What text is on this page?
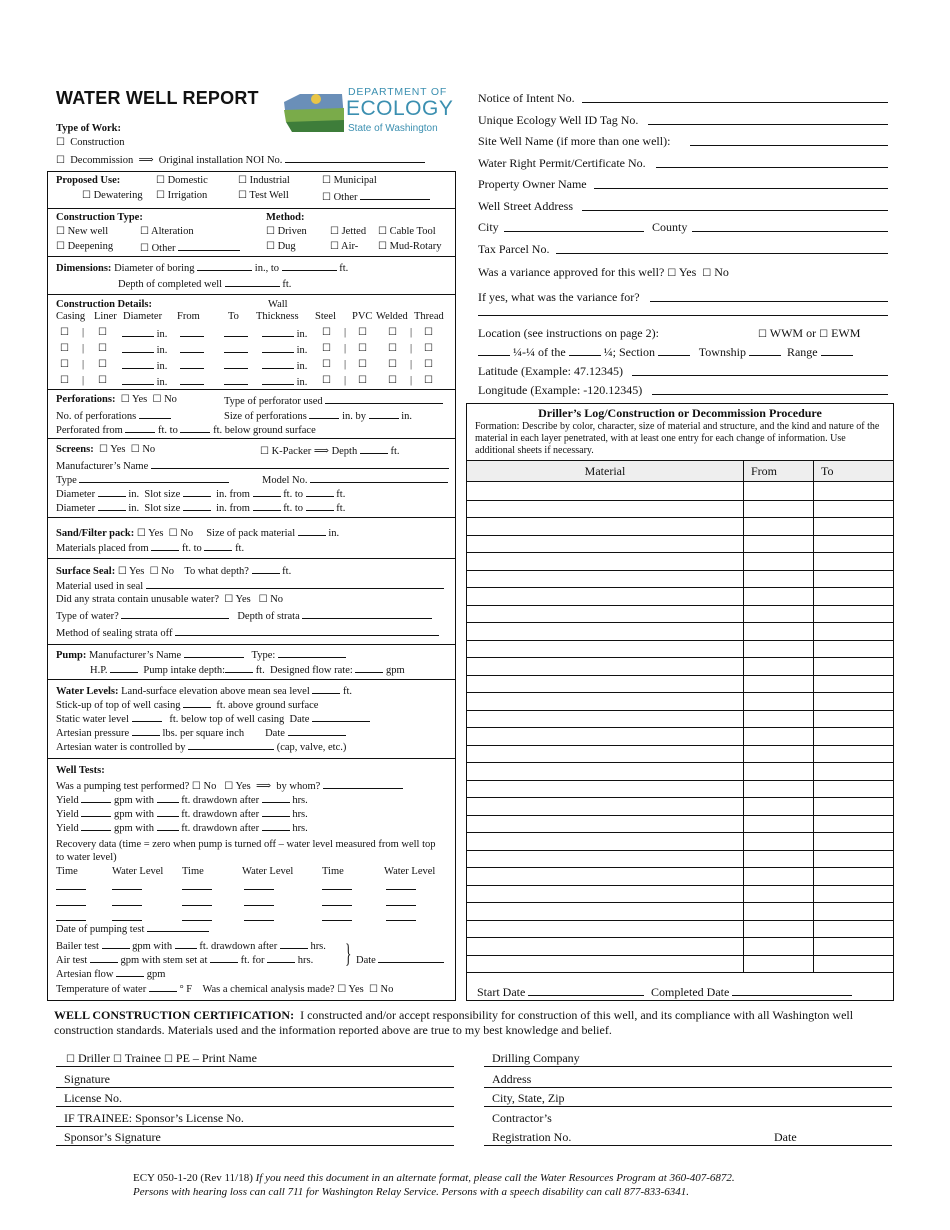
WATER WELL REPORT	DEPARTMENT OF
ECOLOGY
State of Washington
Type of Work:
☐ Construction
☐ Decommission ⟹ Original installation NOI No.
Proposed Use:	☐ Domestic	☐ Industrial	☐ Municipal
☐ Dewatering ☐ Irrigation	☐ Test Well	☐ Other
Construction Type:	Method:
☐ New well	☐ Alteration	☐ Driven ☐ Jetted ☐ Cable Tool
☐ Deepening	☐ Other	☐ Dug	☐ Air- ☐ Mud-Rotary
Dimensions: Diameter of boring	in., to	ft.
Depth of completed well	ft.
Construction Details:	Wall
Casing Liner Diameter From	To Thickness Steel PVC Welded Thread
☐ | ☐	in.	in. ☐ | ☐ ☐ | ☐
☐ | ☐	in.	in. ☐ | ☐ ☐ | ☐
☐ | ☐	in.	in. ☐ | ☐ ☐ | ☐
☐ | ☐	in.	in. ☐ | ☐ ☐ | ☐
Perforations: ☐ Yes ☐ No	Type of perforator used
No. of perforations	Size of perforations	in. by	in.
Perforated from	ft. to	ft. below ground surface
Screens: ☐ Yes ☐ No	☐ K-Packer ⟹ Depth	ft.
Manufacturer’s Name
Type	Model No.
Diameter	in. Slot size	in. from	ft. to	ft.
Diameter	in. Slot size	in. from	ft. to	ft.
Sand/Filter pack: ☐ Yes ☐ No Size of pack material	in.
Materials placed from	ft. to	ft.
Surface Seal: ☐ Yes ☐ No To what depth?	ft.
Material used in seal
Did any strata contain unusable water? ☐ Yes ☐ No
Type of water?	Depth of strata
Method of sealing strata off
Pump: Manufacturer’s Name	Type:
H.P.	Pump intake depth:	ft. Designed flow rate:	gpm
Water Levels: Land-surface elevation above mean sea level	ft.
Stick-up of top of well casing	ft. above ground surface
Static water level	ft. below top of well casing Date
Artesian pressure	lbs. per square inch Date
Artesian water is controlled by	(cap, valve, etc.)
Well Tests:
Was a pumping test performed? ☐ No ☐ Yes ⟹ by whom?
Yield	gpm with	ft. drawdown after	hrs.
Yield	gpm with	ft. drawdown after	hrs.
Yield	gpm with	ft. drawdown after	hrs.
Recovery data (time = zero when pump is turned off – water level measured from well top to water level)
Time	Water Level Time	Water Level	Time	Water Level
Date of pumping test
Bailer test	gpm with	ft. drawdown after	hrs.
Air test	gpm with stem set at	ft. for	hrs. } Date
Artesian flow	gpm
Temperature of water	° F Was a chemical analysis made? ☐ Yes ☐ No
Notice of Intent No.
Unique Ecology Well ID Tag No.
Site Well Name (if more than one well):
Water Right Permit/Certificate No.
Property Owner Name
Well Street Address
City	County
Tax Parcel No.
Was a variance approved for this well? ☐ Yes ☐ No
If yes, what was the variance for?
Location (see instructions on page 2):	☐ WWM or ☐ EWM
¼-¼ of the	¼; Section	Township	Range
Latitude (Example: 47.12345)
Longitude (Example: -120.12345)
Driller’s Log/Construction or Decommission Procedure
Formation: Describe by color, character, size of material and structure, and the kind and nature of the material in each layer penetrated, with at least one entry for each change of information. Use additional sheets if necessary.
Material	From	To
Start Date	Completed Date
WELL CONSTRUCTION CERTIFICATION: I constructed and/or accept responsibility for construction of this well, and its compliance with all Washington well construction standards. Materials used and the information reported above are true to my best knowledge and belief.
☐ Driller ☐ Trainee ☐ PE – Print Name
Signature
License No.
IF TRAINEE: Sponsor’s License No.
Sponsor’s Signature
Drilling Company
Address
City, State, Zip
Contractor’s
Registration No.	Date
ECY 050-1-20 (Rev 11/18) If you need this document in an alternate format, please call the Water Resources Program at 360-407-6872.
Persons with hearing loss can call 711 for Washington Relay Service. Persons with a speech disability can call 877-833-6341.
